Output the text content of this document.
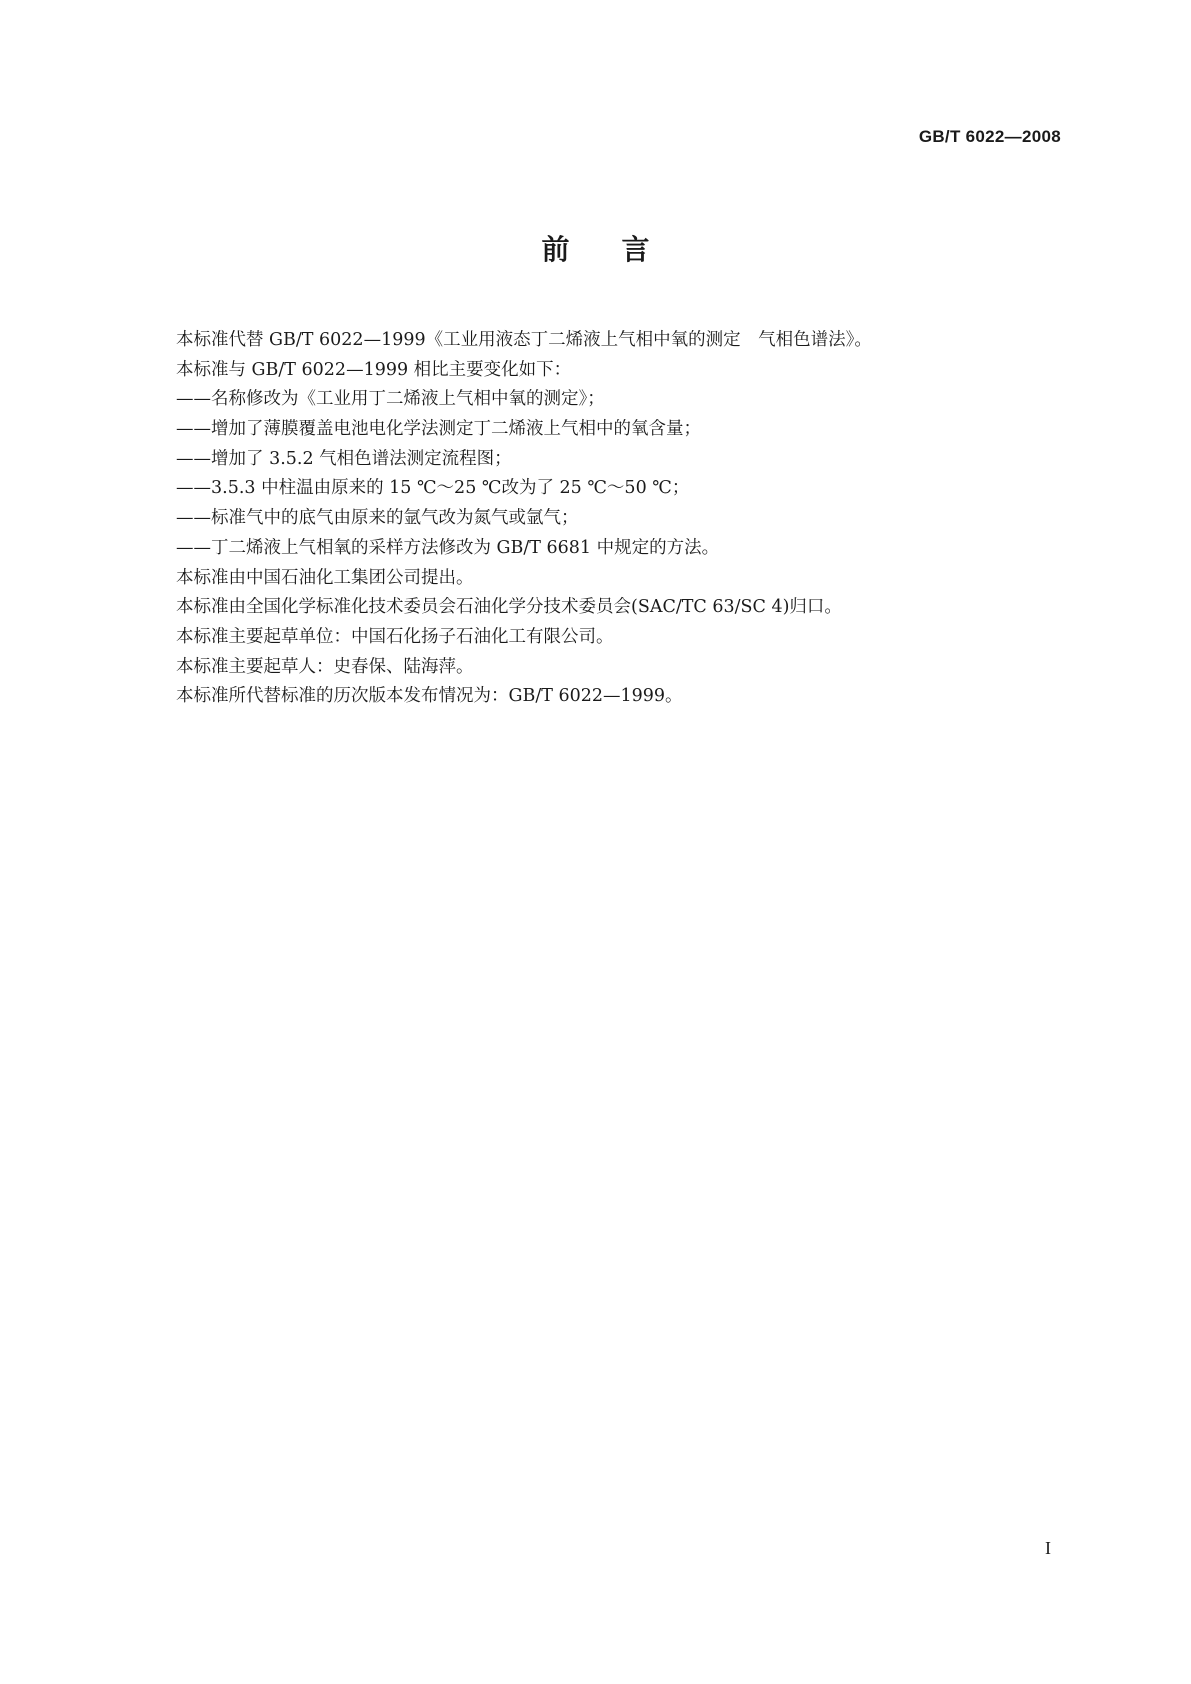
GB/T 6022—2008
前言
本标准代替 GB/T 6022—1999《工业用液态丁二烯液上气相中氧的测定　气相色谱法》。
本标准与 GB/T 6022—1999 相比主要变化如下：
——名称修改为《工业用丁二烯液上气相中氧的测定》；
——增加了薄膜覆盖电池电化学法测定丁二烯液上气相中的氧含量；
——增加了 3.5.2 气相色谱法测定流程图；
——3.5.3 中柱温由原来的 15 ℃～25 ℃改为了 25 ℃～50 ℃；
——标准气中的底气由原来的氩气改为氮气或氩气；
——丁二烯液上气相氧的采样方法修改为 GB/T 6681 中规定的方法。
本标准由中国石油化工集团公司提出。
本标准由全国化学标准化技术委员会石油化学分技术委员会(SAC/TC 63/SC 4)归口。
本标准主要起草单位：中国石化扬子石油化工有限公司。
本标准主要起草人：史春保、陆海萍。
本标准所代替标准的历次版本发布情况为：GB/T 6022—1999。
I
